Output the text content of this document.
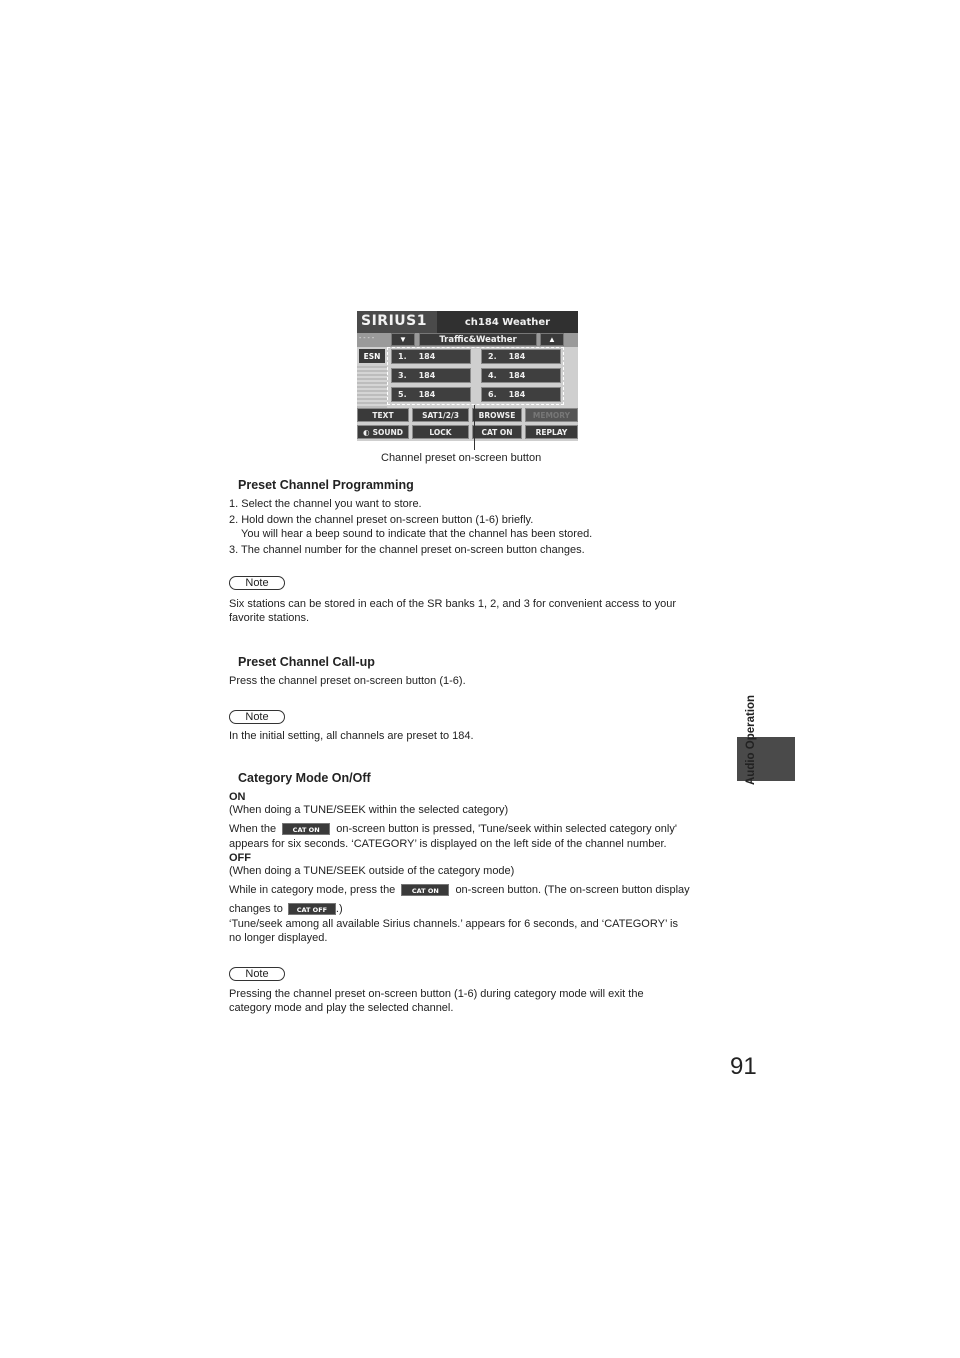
SIRIUS1	ch184 Weather
- - - -	▼	Traffic&Weather	▲
ESN	1. 184	2. 184
3. 184	4. 184
5. 184	6. 184
TEXT	SAT1/2/3	BROWSE	MEMORY
◐ SOUND	LOCK	CAT ON	REPLAY
Channel preset on-screen button
Preset Channel Programming
1. Select the channel you want to store.
2. Hold down the channel preset on-screen button (1-6) briefly.
You will hear a beep sound to indicate that the channel has been stored.
3. The channel number for the channel preset on-screen button changes.
Note
Six stations can be stored in each of the SR banks 1, 2, and 3 for convenient access to your
favorite stations.
Preset Channel Call-up
Press the channel preset on-screen button (1-6).
Note
In the initial setting, all channels are preset to 184.
Category Mode On/Off
ON
(When doing a TUNE/SEEK within the selected category)
When the	CAT ON on-screen button is pressed, 'Tune/seek within selected category only'
appears for six seconds. ‘CATEGORY’ is displayed on the left side of the channel number.
OFF
(When doing a TUNE/SEEK outside of the category mode)
While in category mode, press the	CAT ON on-screen button. (The on-screen button display
changes to CAT OFF .)
‘Tune/seek among all available Sirius channels.’ appears for 6 seconds, and ‘CATEGORY’ is
no longer displayed.
Note
Pressing the channel preset on-screen button (1-6) during category mode will exit the
category mode and play the selected channel.
Audio Operation
91
